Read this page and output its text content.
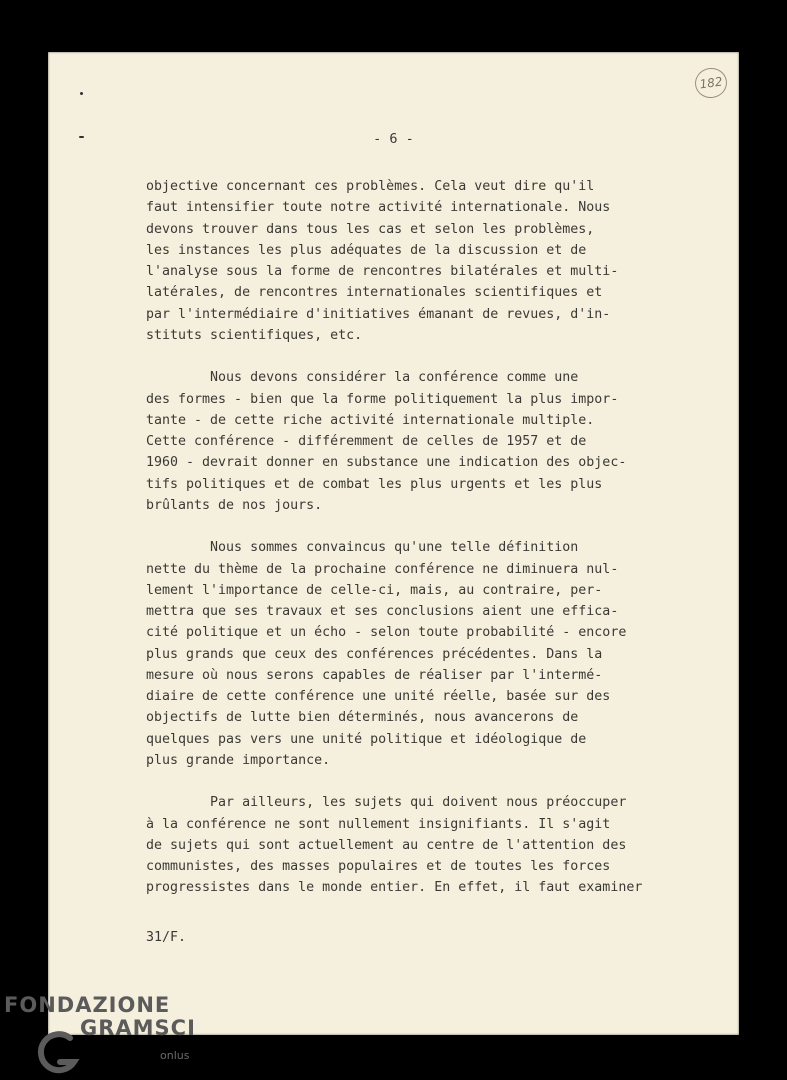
182
- 6 -
objective concernant ces problèmes. Cela veut dire qu'il
faut intensifier toute notre activité internationale. Nous
devons trouver dans tous les cas et selon les problèmes,
les instances les plus adéquates de la discussion et de
l'analyse sous la forme de rencontres bilatérales et multi-
latérales, de rencontres internationales scientifiques et
par l'intermédiaire d'initiatives émanant de revues, d'in-
stituts scientifiques, etc.
Nous devons considérer la conférence comme une
des formes - bien que la forme politiquement la plus impor-
tante - de cette riche activité internationale multiple.
Cette conférence - différemment de celles de 1957 et de
1960 - devrait donner en substance une indication des objec-
tifs politiques et de combat les plus urgents et les plus
brûlants de nos jours.
Nous sommes convaincus qu'une telle définition
nette du thème de la prochaine conférence ne diminuera nul-
lement l'importance de celle-ci, mais, au contraire, per-
mettra que ses travaux et ses conclusions aient une effica-
cité politique et un écho - selon toute probabilité - encore
plus grands que ceux des conférences précédentes. Dans la
mesure où nous serons capables de réaliser par l'intermé-
diaire de cette conférence une unité réelle, basée sur des
objectifs de lutte bien déterminés, nous avancerons de
quelques pas vers une unité politique et idéologique de
plus grande importance.
Par ailleurs, les sujets qui doivent nous préoccuper
à la conférence ne sont nullement insignifiants. Il s'agit
de sujets qui sont actuellement au centre de l'attention des
communistes, des masses populaires et de toutes les forces
progressistes dans le monde entier. En effet, il faut examiner
31/F.
FONDAZIONE
GRAMSCI
onlus
